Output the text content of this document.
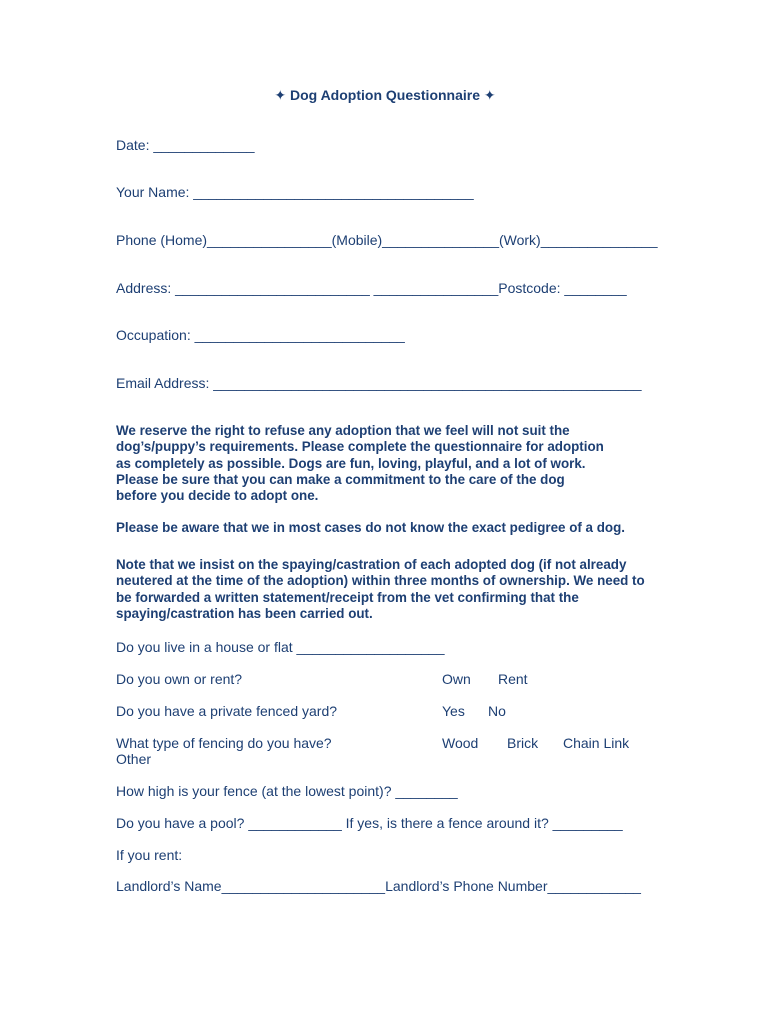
✦ Dog Adoption Questionnaire ✦
Date: _____________
Your Name: ____________________________________
Phone (Home)________________(Mobile)_______________(Work)_______________
Address: _________________________ ________________Postcode: ________
Occupation: ___________________________
Email Address: _______________________________________________________
We reserve the right to refuse any adoption that we feel will not suit the
dog’s/puppy’s requirements. Please complete the questionnaire for adoption
as completely as possible. Dogs are fun, loving, playful, and a lot of work.
Please be sure that you can make a commitment to the care of the dog
before you decide to adopt one.
Please be aware that we in most cases do not know the exact pedigree of a dog.
Note that we insist on the spaying/castration of each adopted dog (if not already
neutered at the time of the adoption) within three months of ownership. We need to
be forwarded a written statement/receipt from the vet confirming that the
spaying/castration has been carried out.
Do you live in a house or flat ___________________
Do you own or rent?	Own Rent
Do you have a private fenced yard?	Yes No
What type of fencing do you have?	Wood Brick Chain Link
Other
How high is your fence (at the lowest point)? ________
Do you have a pool? ____________ If yes, is there a fence around it? _________
If you rent:
Landlord’s Name_____________________Landlord’s Phone Number____________
